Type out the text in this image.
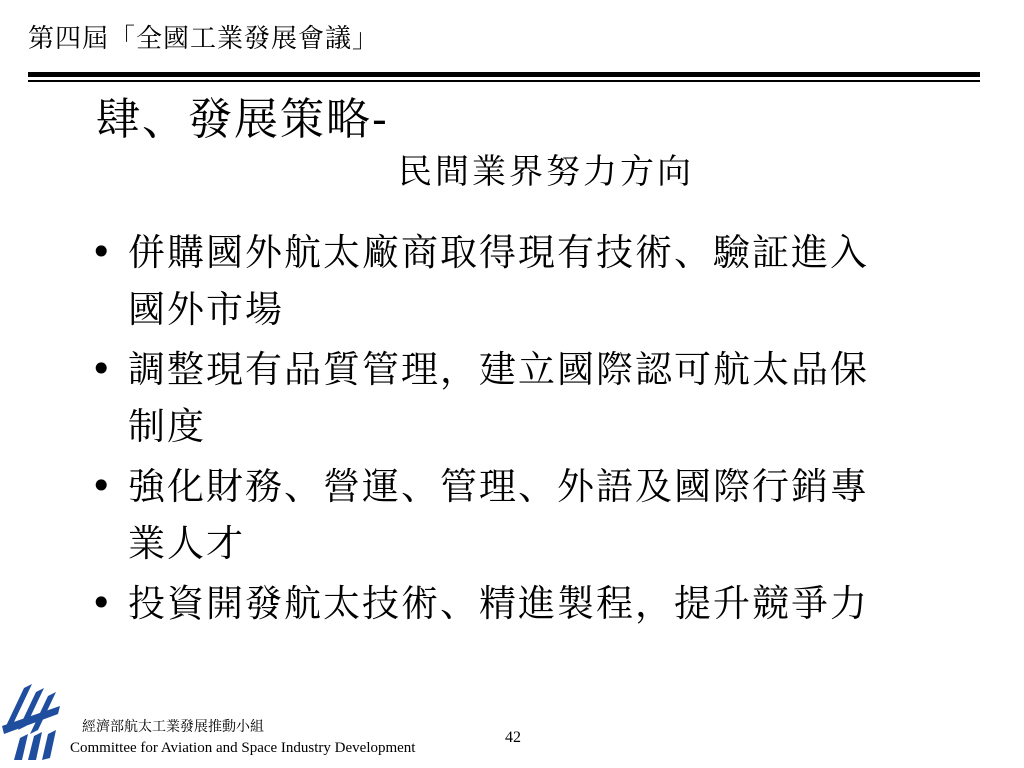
第四屆「全國工業發展會議」
肆、發展策略-
民間業界努力方向
• 併購國外航太廠商取得現有技術、驗証進入國外市場
• 調整現有品質管理，建立國際認可航太品保制度
• 強化財務、營運、管理、外語及國際行銷專業人才
• 投資開發航太技術、精進製程，提升競爭力
經濟部航太工業發展推動小組
Committee for Aviation and Space Industry Development
42
